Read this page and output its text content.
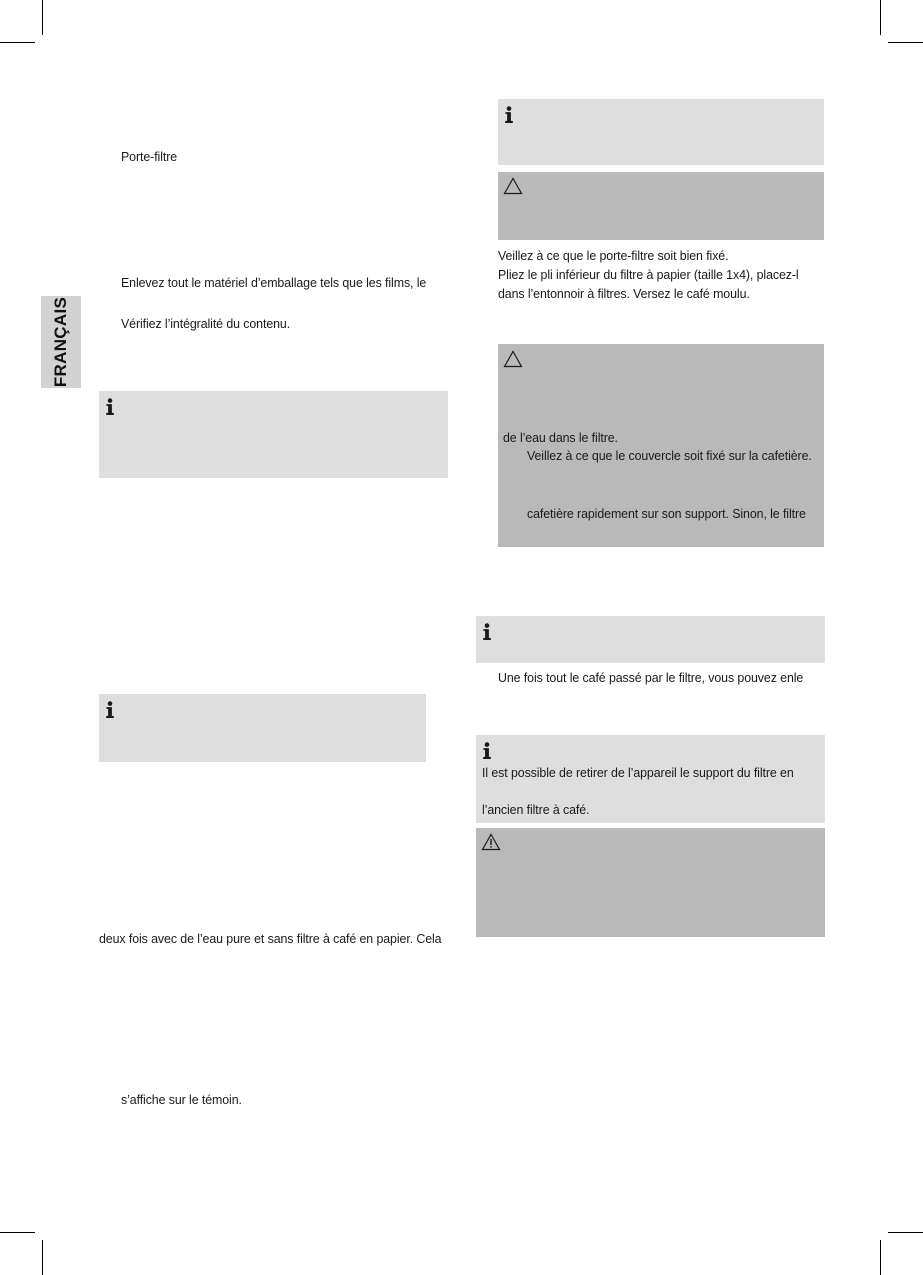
FRANÇAIS
Porte-filtre
Enlevez tout le matériel d’emballage tels que les films, le
Vérifiez l’intégralité du contenu.
deux fois avec de l’eau pure et sans filtre à café en papier. Cela
s’affiche sur le témoin.
Veillez à ce que le porte-filtre soit bien fixé.
Pliez le pli inférieur du filtre à papier (taille 1x4), placez-l
dans l’entonnoir à filtres. Versez le café moulu.
de l’eau dans le filtre.
Veillez à ce que le couvercle soit fixé sur la cafetière.
cafetière rapidement sur son support. Sinon, le filtre
Une fois tout le café passé par le filtre, vous pouvez enle
Il est possible de retirer de l’appareil le support du filtre en
l’ancien filtre à café.
